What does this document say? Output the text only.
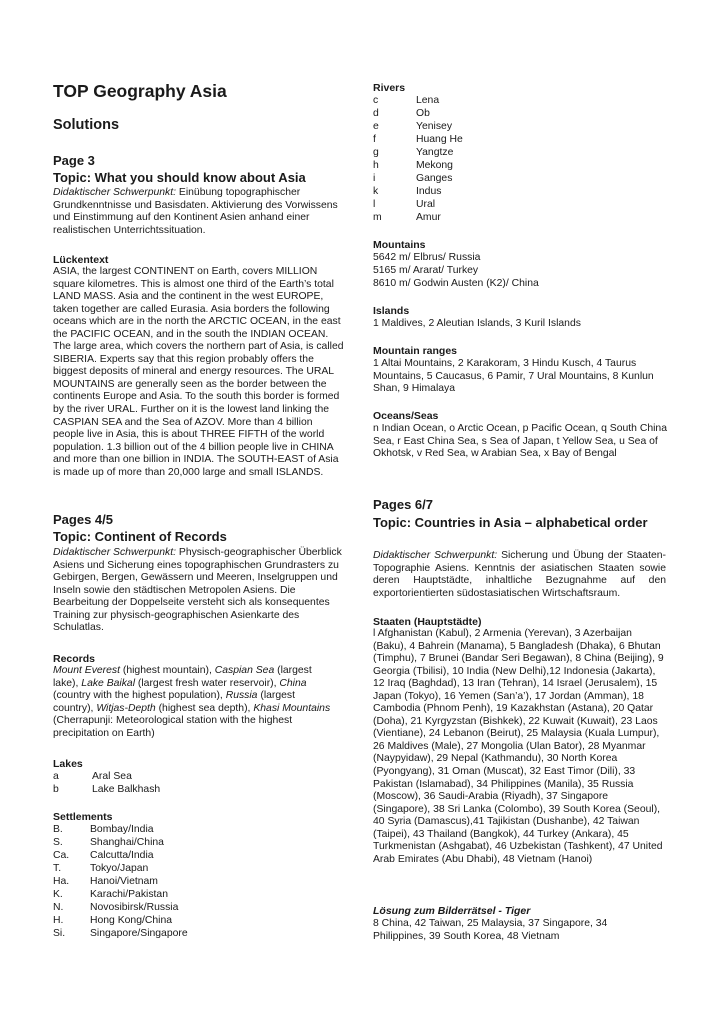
TOP Geography Asia
Solutions
Page 3
Topic: What you should know about Asia
Didaktischer Schwerpunkt: Einübung topographischer Grundkenntnisse und Basisdaten. Aktivierung des Vorwissens und Einstimmung auf den Kontinent Asien anhand einer realistischen Unterrichtssituation.
Lückentext
ASIA, the largest CONTINENT on Earth, covers MILLION square kilometres. This is almost one third of the Earth’s total LAND MASS. Asia and the continent in the west EUROPE, taken together are called Eurasia. Asia borders the following oceans which are in the north the ARCTIC OCEAN, in the east the PACIFIC OCEAN, and in the south the INDIAN OCEAN. The large area, which covers the northern part of Asia, is called SIBERIA. Experts say that this region probably offers the biggest deposits of mineral and energy resources. The URAL MOUNTAINS are generally seen as the border between the continents Europe and Asia. To the south this border is formed by the river URAL. Further on it is the lowest land linking the CASPIAN SEA and the Sea of AZOV. More than 4 billion people live in Asia, this is about THREE FIFTH of the world population. 1.3 billion out of the 4 billion people live in CHINA and more than one billion in INDIA. The SOUTH-EAST of Asia is made up of more than 20,000 large and small ISLANDS.
Pages 4/5
Topic: Continent of Records
Didaktischer Schwerpunkt: Physisch-geographischer Überblick Asiens und Sicherung eines topographischen Grundrasters zu Gebirgen, Bergen, Gewässern und Meeren, Inselgruppen und Inseln sowie den städtischen Metropolen Asiens. Die Bearbeitung der Doppelseite versteht sich als konsequentes Training zur physisch-geographischen Asienkarte des Schulatlas.
Records
Mount Everest (highest mountain), Caspian Sea (largest lake), Lake Baikal (largest fresh water reservoir), China (country with the highest population), Russia (largest country), Witjas-Depth (highest sea depth), Khasi Mountains (Cherrapunji: Meteorological station with the highest precipitation on Earth)
Lakes
a	Aral Sea
b	Lake Balkhash
Settlements
B.	Bombay/India
S.	Shanghai/China
Ca. Calcutta/India
T.	Tokyo/Japan
Ha. Hanoi/Vietnam
K.	Karachi/Pakistan
N.	Novosibirsk/Russia
H.	Hong Kong/China
Si. Singapore/Singapore
Rivers
c	Lena
d	Ob
e	Yenisey
f	Huang He
g	Yangtze
h	Mekong
i	Ganges
k	Indus
l	Ural
m	Amur
Mountains
5642 m/ Elbrus/ Russia
5165 m/ Ararat/ Turkey
8610 m/ Godwin Austen (K2)/ China
Islands
1 Maldives, 2 Aleutian Islands, 3 Kuril Islands
Mountain ranges
1 Altai Mountains, 2 Karakoram, 3 Hindu Kusch, 4 Taurus Mountains, 5 Caucasus, 6 Pamir, 7 Ural Mountains, 8 Kunlun Shan, 9 Himalaya
Oceans/Seas
n Indian Ocean, o Arctic Ocean, p Pacific Ocean, q South China Sea, r East China Sea, s Sea of Japan, t Yellow Sea, u Sea of Okhotsk, v Red Sea, w Arabian Sea, x Bay of Bengal
Pages 6/7
Topic: Countries in Asia – alphabetical order
Didaktischer Schwerpunkt: Sicherung und Übung der Staaten-Topographie Asiens. Kenntnis der asiatischen Staaten sowie deren Hauptstädte, inhaltliche Bezugnahme auf den exportorientierten südostasiatischen Wirtschaftsraum.
Staaten (Hauptstädte)
l Afghanistan (Kabul), 2 Armenia (Yerevan), 3 Azerbaijan (Baku), 4 Bahrein (Manama), 5 Bangladesh (Dhaka), 6 Bhutan (Timphu), 7 Brunei (Bandar Seri Begawan), 8 China (Beijing), 9 Georgia (Tbilisi), 10 India (New Delhi),12 Indonesia (Jakarta), 12 Iraq (Baghdad), 13 Iran (Tehran), 14 Israel (Jerusalem), 15 Japan (Tokyo), 16 Yemen (San’a’), 17 Jordan (Amman), 18 Cambodia (Phnom Penh), 19 Kazakhstan (Astana), 20 Qatar (Doha), 21 Kyrgyzstan (Bishkek), 22 Kuwait (Kuwait), 23 Laos (Vientiane), 24 Lebanon (Beirut), 25 Malaysia (Kuala Lumpur), 26 Maldives (Male), 27 Mongolia (Ulan Bator), 28 Myanmar (Naypyidaw), 29 Nepal (Kathmandu), 30 North Korea (Pyongyang), 31 Oman (Muscat), 32 East Timor (Dili), 33 Pakistan (Islamabad), 34 Philippines (Manila), 35 Russia (Moscow), 36 Saudi-Arabia (Riyadh), 37 Singapore (Singapore), 38 Sri Lanka (Colombo), 39 South Korea (Seoul), 40 Syria (Damascus),41 Tajikistan (Dushanbe), 42 Taiwan (Taipei), 43 Thailand (Bangkok), 44 Turkey (Ankara), 45 Turkmenistan (Ashgabat), 46 Uzbekistan (Tashkent), 47 United Arab Emirates (Abu Dhabi), 48 Vietnam (Hanoi)
Lösung zum Bilderrätsel - Tiger
8 China, 42 Taiwan, 25 Malaysia, 37 Singapore, 34 Philippines, 39 South Korea, 48 Vietnam
